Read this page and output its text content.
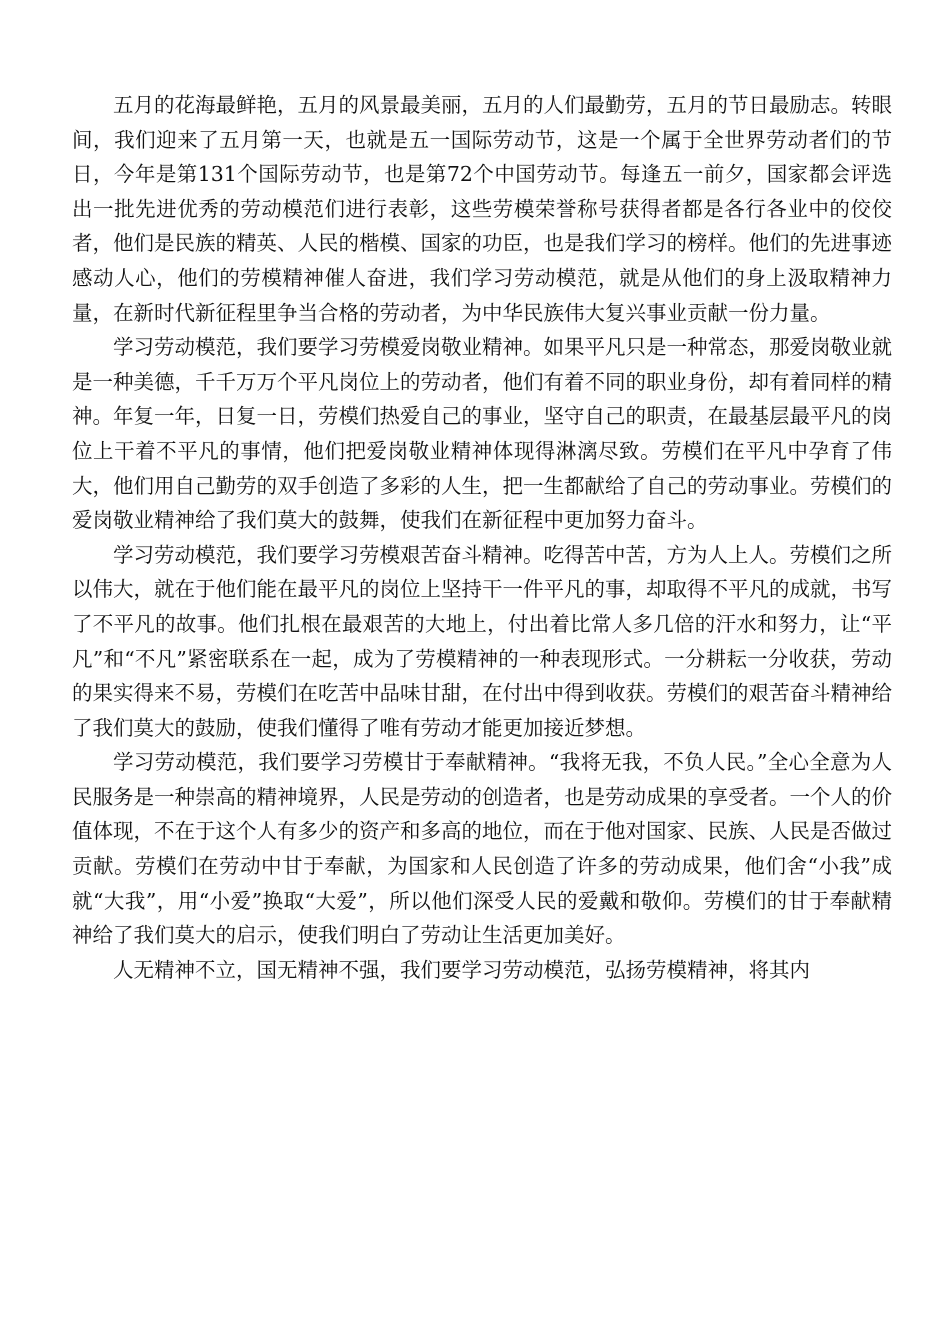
五月的花海最鲜艳，五月的风景最美丽，五月的人们最勤劳，五月的节日最励志。转眼间，我们迎来了五月第一天，也就是五一国际劳动节，这是一个属于全世界劳动者们的节日，今年是第131个国际劳动节，也是第72个中国劳动节。每逢五一前夕，国家都会评选出一批先进优秀的劳动模范们进行表彰，这些劳模荣誉称号获得者都是各行各业中的佼佼者，他们是民族的精英、人民的楷模、国家的功臣，也是我们学习的榜样。他们的先进事迹感动人心，他们的劳模精神催人奋进，我们学习劳动模范，就是从他们的身上汲取精神力量，在新时代新征程里争当合格的劳动者，为中华民族伟大复兴事业贡献一份力量。

学习劳动模范，我们要学习劳模爱岗敬业精神。如果平凡只是一种常态，那爱岗敬业就是一种美德，千千万万个平凡岗位上的劳动者，他们有着不同的职业身份，却有着同样的精神。年复一年，日复一日，劳模们热爱自己的事业，坚守自己的职责，在最基层最平凡的岗位上干着不平凡的事情，他们把爱岗敬业精神体现得淋漓尽致。劳模们在平凡中孕育了伟大，他们用自己勤劳的双手创造了多彩的人生，把一生都献给了自己的劳动事业。劳模们的爱岗敬业精神给了我们莫大的鼓舞，使我们在新征程中更加努力奋斗。

学习劳动模范，我们要学习劳模艰苦奋斗精神。吃得苦中苦，方为人上人。劳模们之所以伟大，就在于他们能在最平凡的岗位上坚持干一件平凡的事，却取得不平凡的成就，书写了不平凡的故事。他们扎根在最艰苦的大地上，付出着比常人多几倍的汗水和努力，让“平凡”和“不凡”紧密联系在一起，成为了劳模精神的一种表现形式。一分耕耘一分收获，劳动的果实得来不易，劳模们在吃苦中品味甘甜，在付出中得到收获。劳模们的艰苦奋斗精神给了我们莫大的鼓励，使我们懂得了唯有劳动才能更加接近梦想。

学习劳动模范，我们要学习劳模甘于奉献精神。“我将无我，不负人民。”全心全意为人民服务是一种崇高的精神境界，人民是劳动的创造者，也是劳动成果的享受者。一个人的价值体现，不在于这个人有多少的资产和多高的地位，而在于他对国家、民族、人民是否做过贡献。劳模们在劳动中甘于奉献，为国家和人民创造了许多的劳动成果，他们舍“小我”成就“大我”，用“小爱”换取“大爱”，所以他们深受人民的爱戴和敬仰。劳模们的甘于奉献精神给了我们莫大的启示，使我们明白了劳动让生活更加美好。

人无精神不立，国无精神不强，我们要学习劳动模范，弘扬劳模精神，将其内
